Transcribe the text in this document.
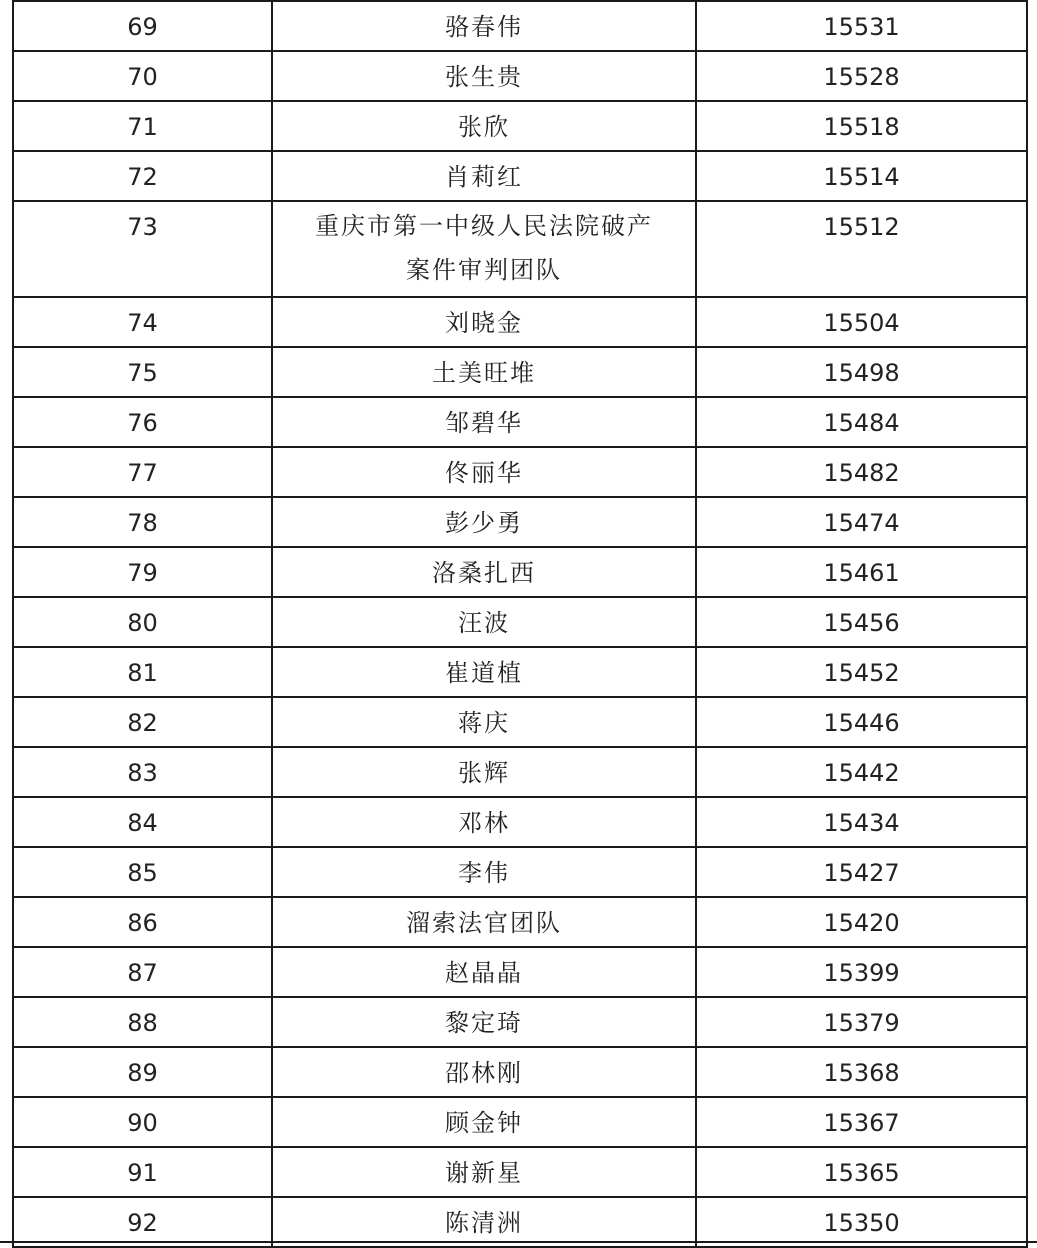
69	骆春伟	15531
70	张生贵	15528
71	张欣	15518
72	肖莉红	15514
73	重庆市第一中级人民法院破产案件审判团队	15512
74	刘晓金	15504
75	土美旺堆	15498
76	邹碧华	15484
77	佟丽华	15482
78	彭少勇	15474
79	洛桑扎西	15461
80	汪波	15456
81	崔道植	15452
82	蒋庆	15446
83	张辉	15442
84	邓林	15434
85	李伟	15427
86	溜索法官团队	15420
87	赵晶晶	15399
88	黎定琦	15379
89	邵林刚	15368
90	顾金钟	15367
91	谢新星	15365
92	陈清洲	15350
